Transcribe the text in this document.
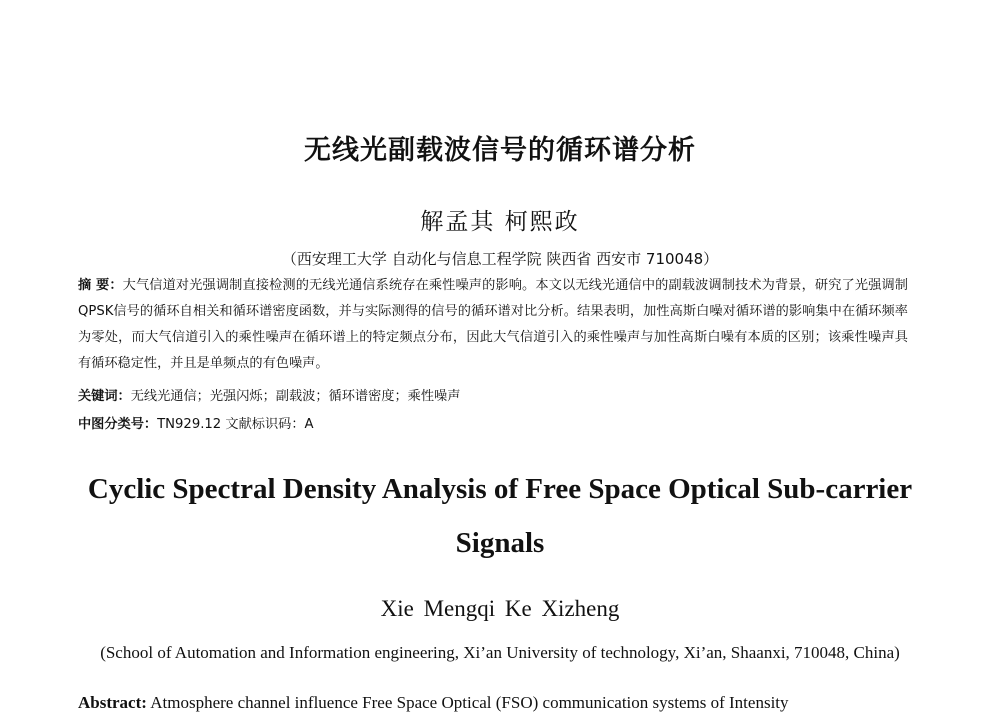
无线光副载波信号的循环谱分析
解孟其 柯熙政
（西安理工大学 自动化与信息工程学院 陕西省 西安市 710048）
摘 要：大气信道对光强调制直接检测的无线光通信系统存在乘性噪声的影响。本文以无线光通信中的副载波调制技术为背景，研究了光强调制QPSK信号的循环自相关和循环谱密度函数，并与实际测得的信号的循环谱对比分析。结果表明，加性高斯白噪对循环谱的影响集中在循环频率为零处，而大气信道引入的乘性噪声在循环谱上的特定频点分布，因此大气信道引入的乘性噪声与加性高斯白噪有本质的区别；该乘性噪声具有循环稳定性，并且是单频点的有色噪声。
关键词：无线光通信；光强闪烁；副载波；循环谱密度；乘性噪声
中图分类号：TN929.12 文献标识码：A
Cyclic Spectral Density Analysis of Free Space Optical Sub-carrier Signals
Xie Mengqi Ke Xizheng
(School of Automation and Information engineering, Xi’an University of technology, Xi’an, Shaanxi, 710048, China)
Abstract: Atmosphere channel influence Free Space Optical (FSO) communication systems of Intensity
